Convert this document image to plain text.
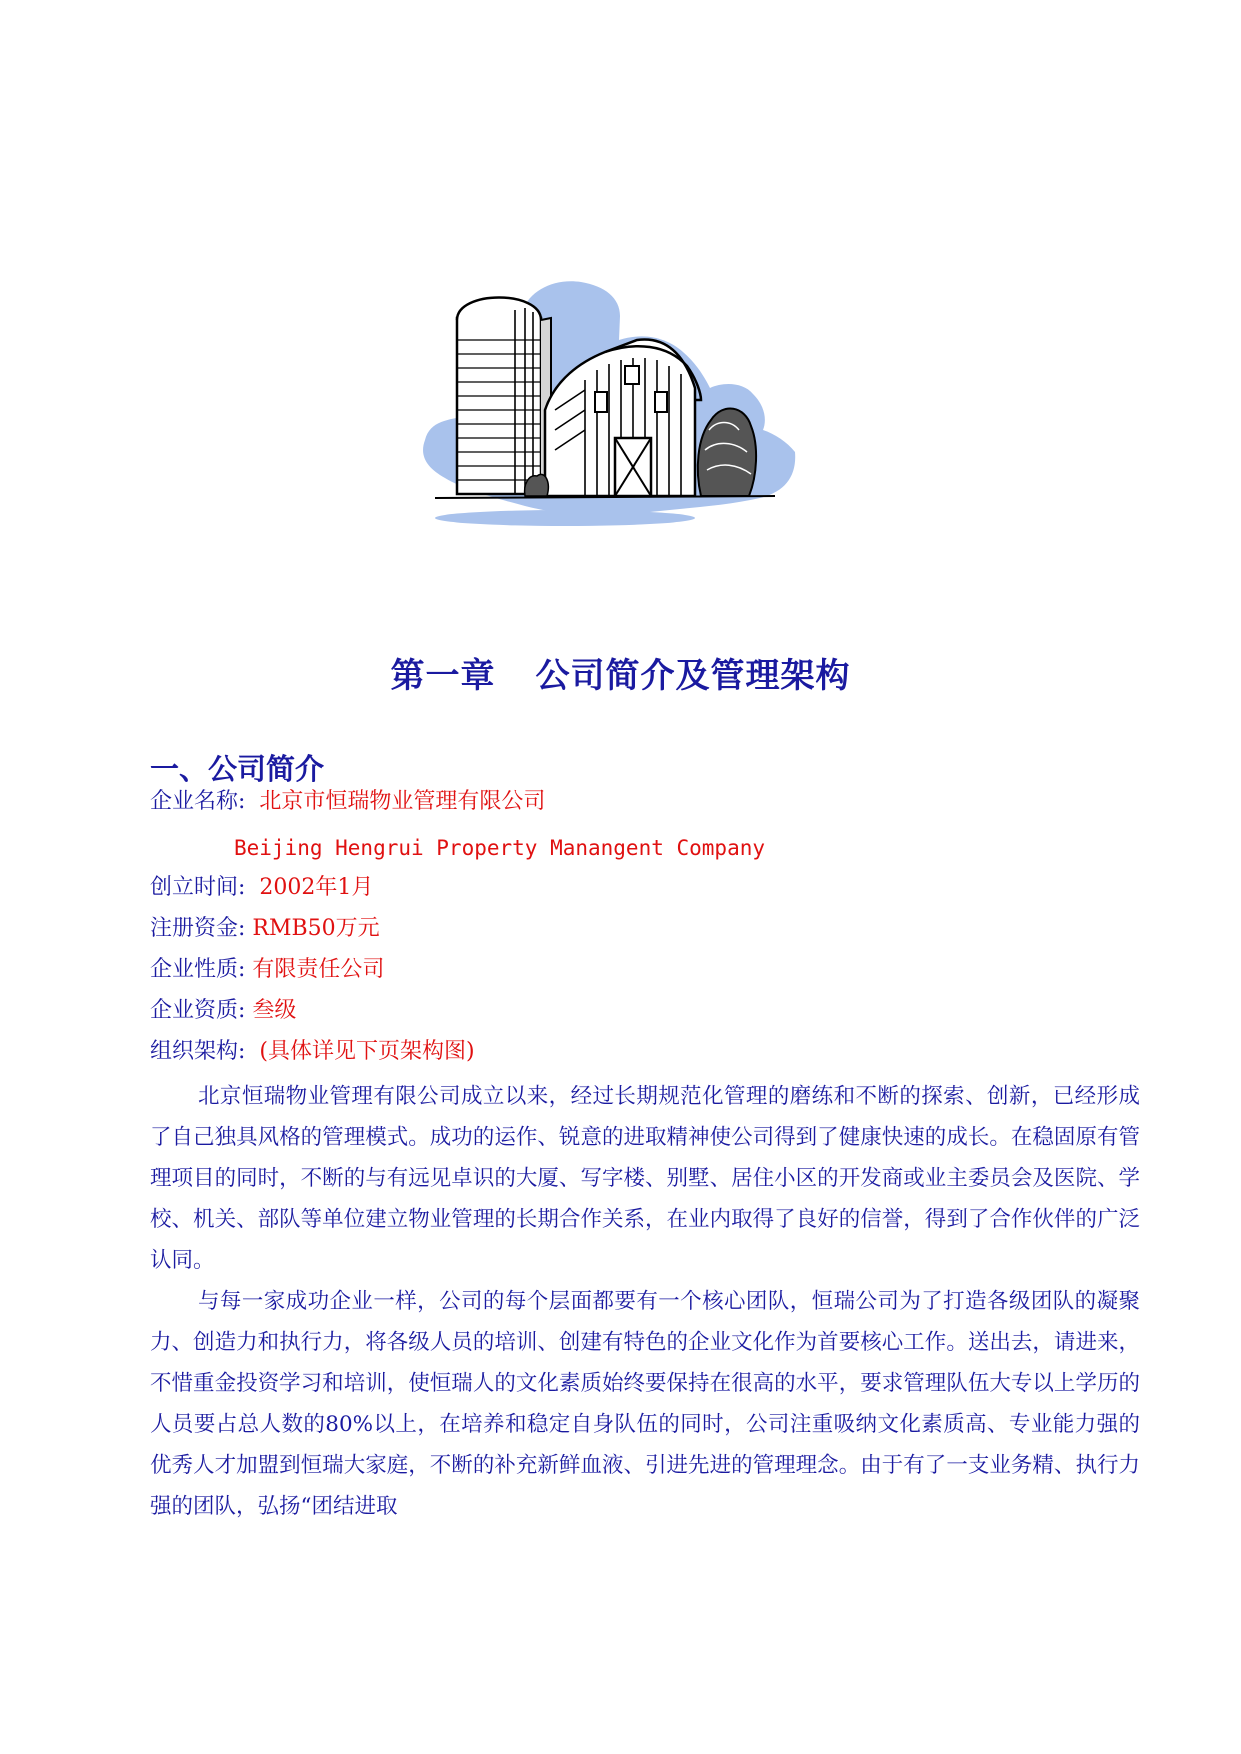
第一章 公司简介及管理架构
一、公司简介
企业名称: 北京市恒瑞物业管理有限公司
Beijing Hengrui Property Manangent Company
创立时间: 2002年1月
注册资金: RMB50万元
企业性质: 有限责任公司
企业资质: 叁级
组织架构: (具体详见下页架构图)
北京恒瑞物业管理有限公司成立以来，经过长期规范化管理的磨练和不断的探索、创新，已经形成了自己独具风格的管理模式。成功的运作、锐意的进取精神使公司得到了健康快速的成长。在稳固原有管理项目的同时，不断的与有远见卓识的大厦、写字楼、别墅、居住小区的开发商或业主委员会及医院、学校、机关、部队等单位建立物业管理的长期合作关系，在业内取得了良好的信誉，得到了合作伙伴的广泛认同。
与每一家成功企业一样，公司的每个层面都要有一个核心团队，恒瑞公司为了打造各级团队的凝聚力、创造力和执行力，将各级人员的培训、创建有特色的企业文化作为首要核心工作。送出去，请进来，不惜重金投资学习和培训，使恒瑞人的文化素质始终要保持在很高的水平，要求管理队伍大专以上学历的人员要占总人数的80%以上，在培养和稳定自身队伍的同时，公司注重吸纳文化素质高、专业能力强的优秀人才加盟到恒瑞大家庭，不断的补充新鲜血液、引进先进的管理理念。由于有了一支业务精、执行力强的团队，弘扬“团结进取
